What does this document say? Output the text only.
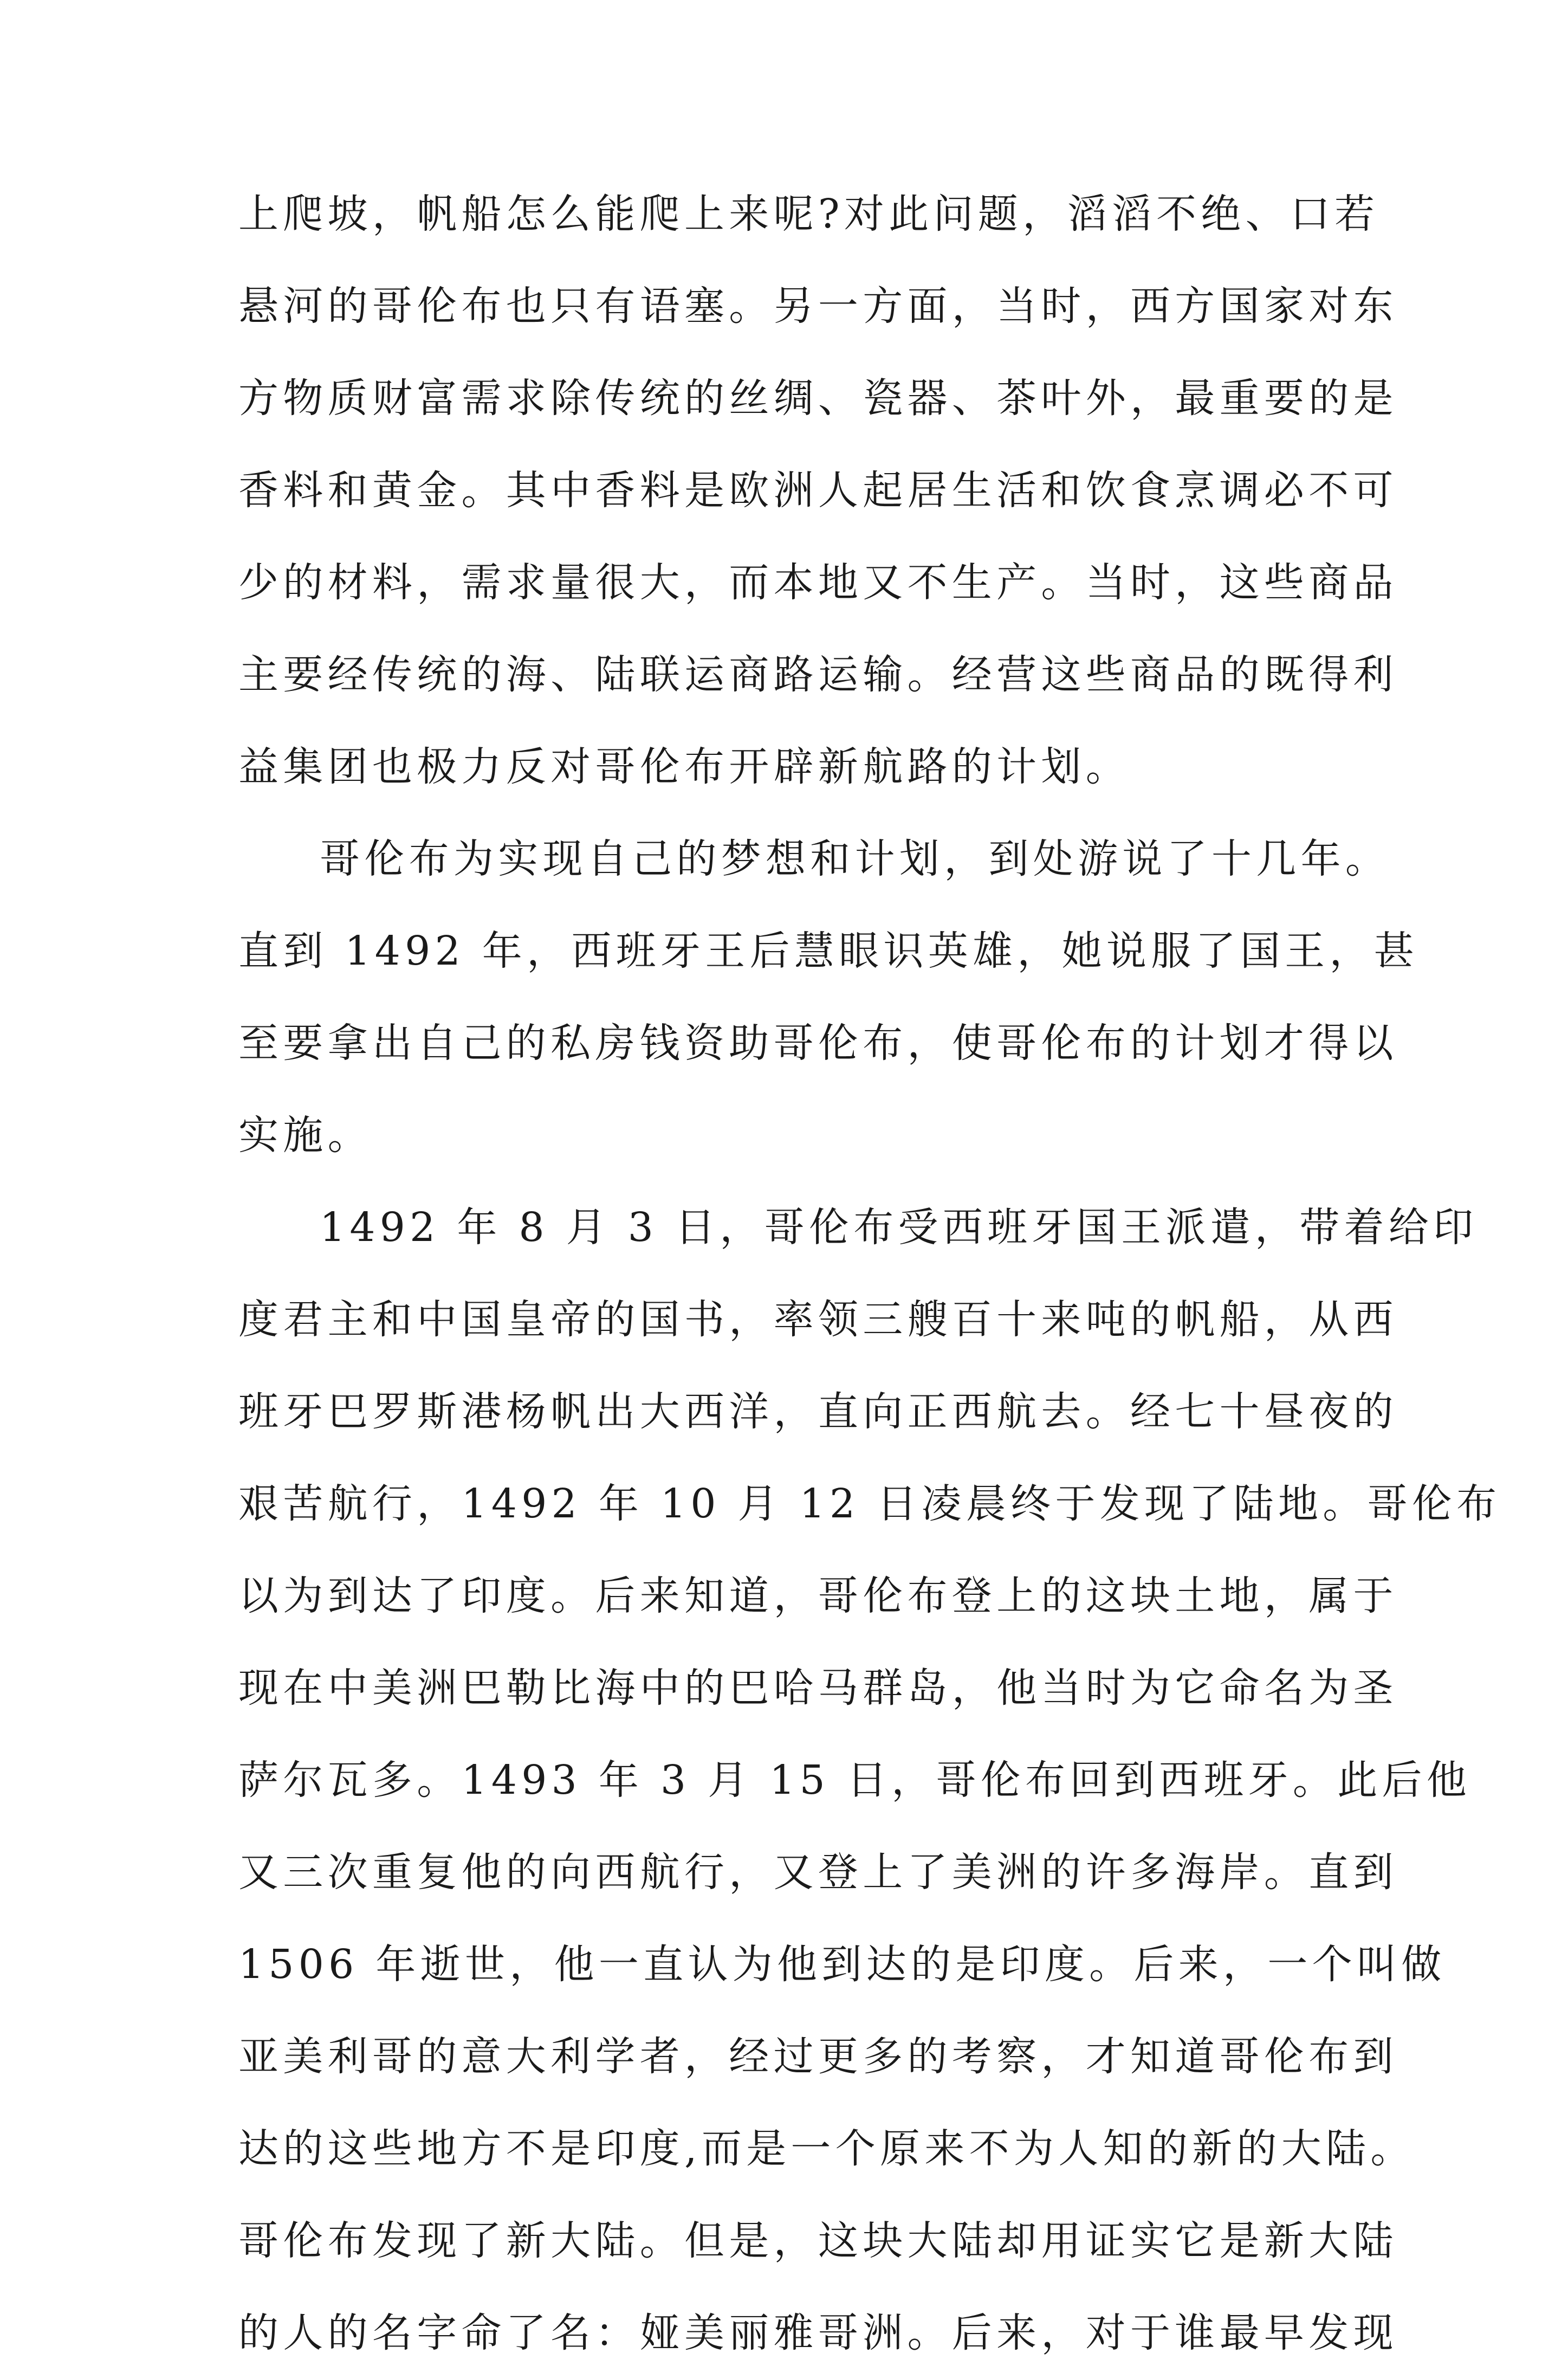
上爬坡，帆船怎么能爬上来呢?对此问题，滔滔不绝、口若
悬河的哥伦布也只有语塞。另一方面，当时，西方国家对东
方物质财富需求除传统的丝绸、瓷器、茶叶外，最重要的是
香料和黄金。其中香料是欧洲人起居生活和饮食烹调必不可
少的材料，需求量很大，而本地又不生产。当时，这些商品
主要经传统的海、陆联运商路运输。经营这些商品的既得利
益集团也极力反对哥伦布开辟新航路的计划。
哥伦布为实现自己的梦想和计划，到处游说了十几年。
直到 1492 年，西班牙王后慧眼识英雄，她说服了国王，甚
至要拿出自己的私房钱资助哥伦布，使哥伦布的计划才得以
实施。
1492 年 8 月 3 日，哥伦布受西班牙国王派遣，带着给印
度君主和中国皇帝的国书，率领三艘百十来吨的帆船，从西
班牙巴罗斯港杨帆出大西洋，直向正西航去。经七十昼夜的
艰苦航行，1492 年 10 月 12 日凌晨终于发现了陆地。哥伦布
以为到达了印度。后来知道，哥伦布登上的这块土地，属于
现在中美洲巴勒比海中的巴哈马群岛，他当时为它命名为圣
萨尔瓦多。1493 年 3 月 15 日，哥伦布回到西班牙。此后他
又三次重复他的向西航行，又登上了美洲的许多海岸。直到
1506 年逝世，他一直认为他到达的是印度。后来，一个叫做
亚美利哥的意大利学者，经过更多的考察，才知道哥伦布到
达的这些地方不是印度,而是一个原来不为人知的新的大陆。
哥伦布发现了新大陆。但是，这块大陆却用证实它是新大陆
的人的名字命了名：娅美丽雅哥洲。后来，对于谁最早发现
